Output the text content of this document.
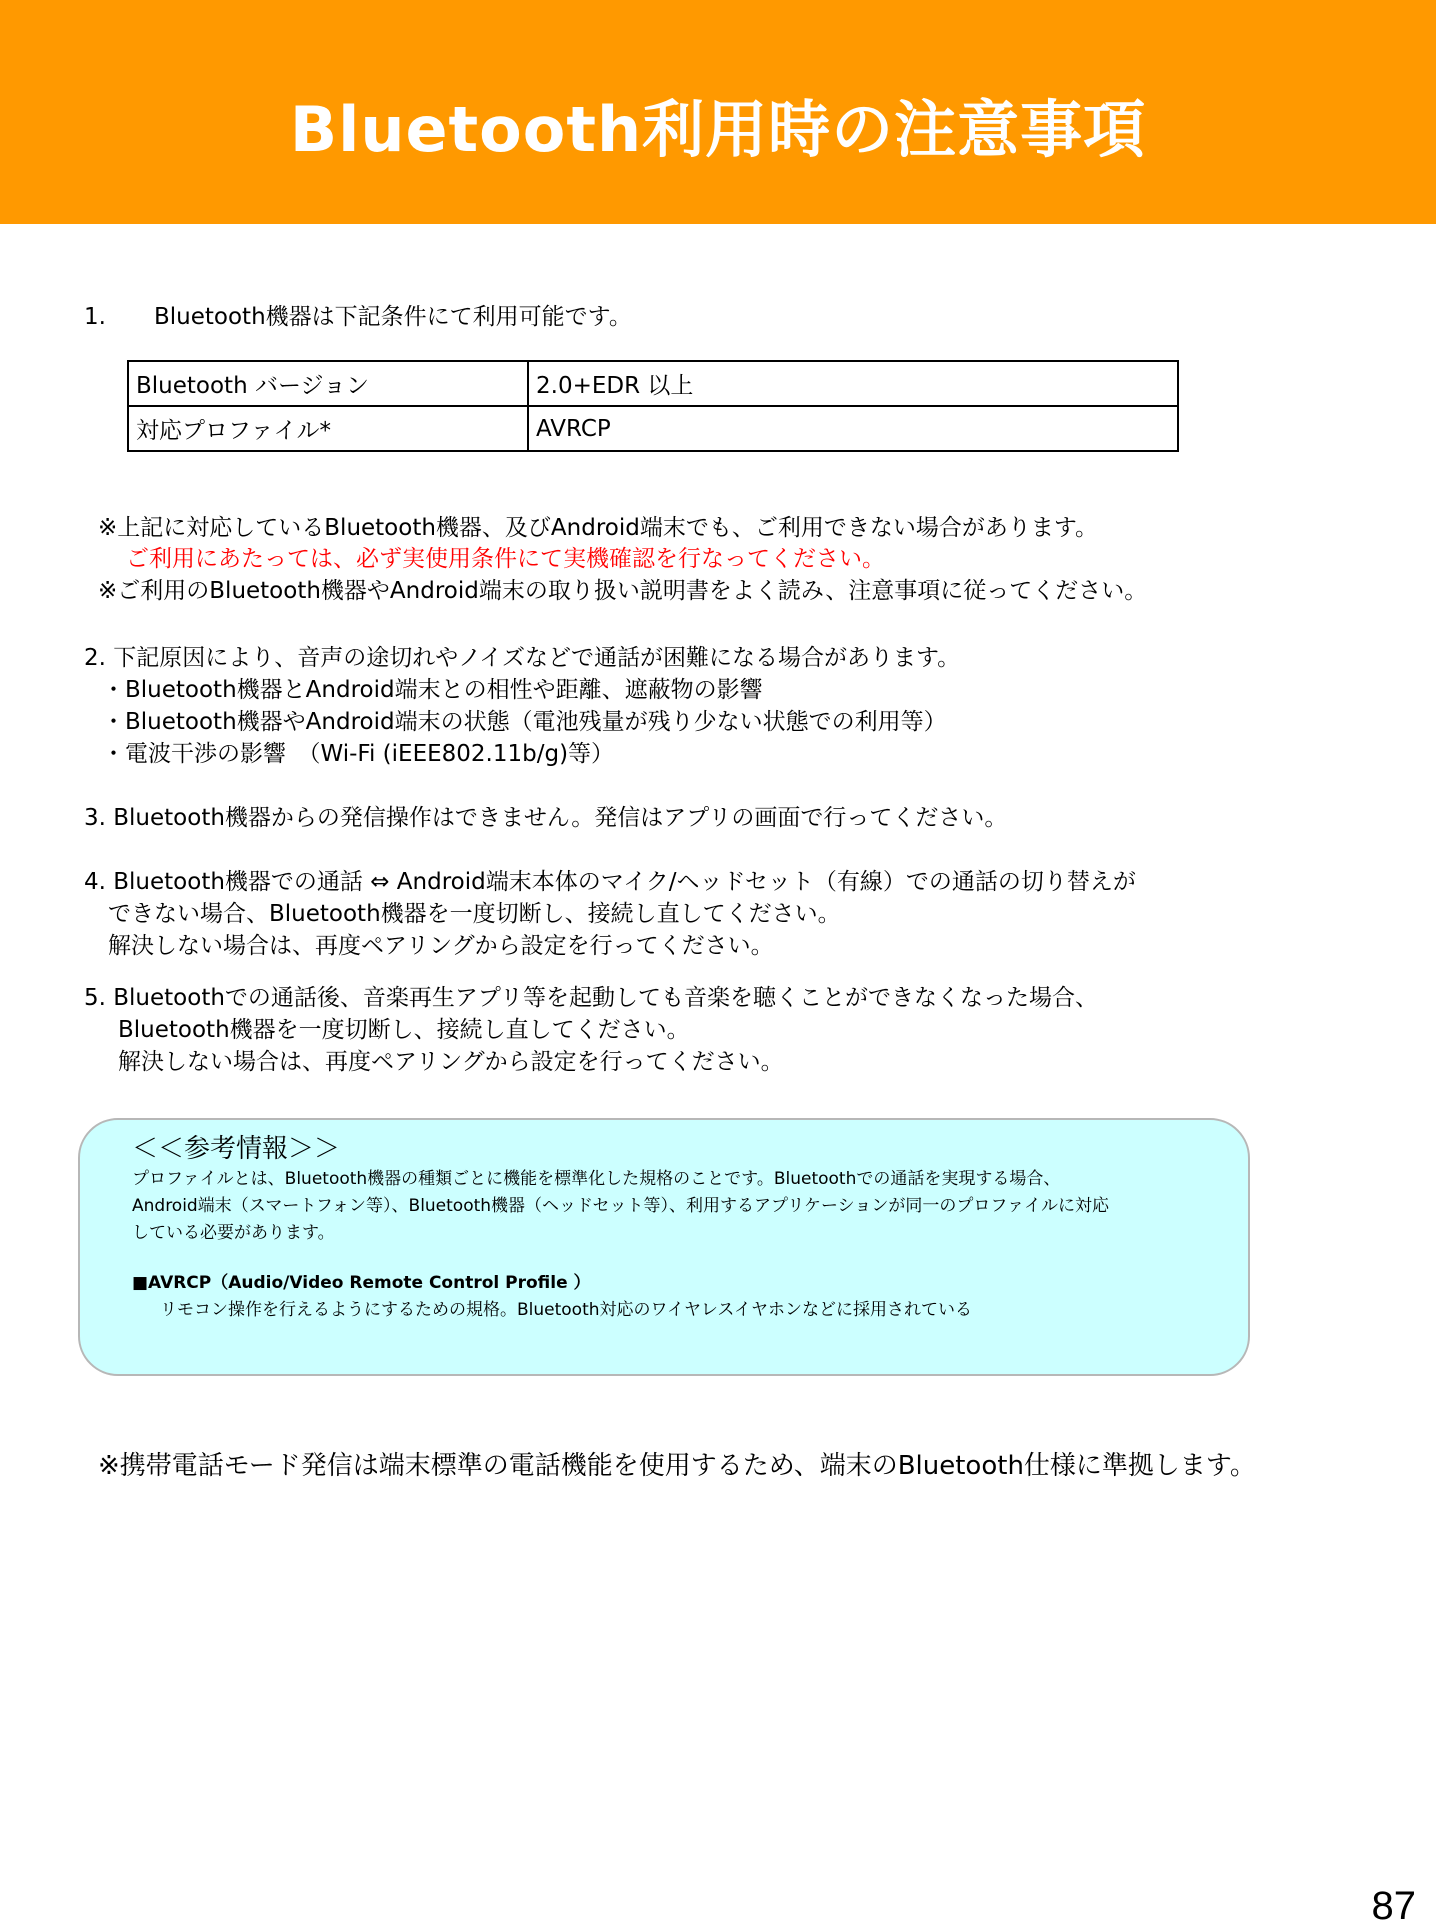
Bluetooth利用時の注意事項
1. Bluetooth機器は下記条件にて利用可能です。
Bluetooth バージョン	2.0+EDR 以上
対応プロファイル*	AVRCP
※上記に対応しているBluetooth機器、及びAndroid端末でも、ご利用できない場合があります。
ご利用にあたっては、必ず実使用条件にて実機確認を行なってください。
※ご利用のBluetooth機器やAndroid端末の取り扱い説明書をよく読み、注意事項に従ってください。
2. 下記原因により、音声の途切れやノイズなどで通話が困難になる場合があります。
・Bluetooth機器とAndroid端末との相性や距離、遮蔽物の影響
・Bluetooth機器やAndroid端末の状態（電池残量が残り少ない状態での利用等）
・電波干渉の影響　（Wi-Fi (iEEE802.11b/g)等）
3. Bluetooth機器からの発信操作はできません。発信はアプリの画面で行ってください。
4. Bluetooth機器での通話 ⇔ Android端末本体のマイク/ヘッドセット（有線）での通話の切り替えが
できない場合、Bluetooth機器を一度切断し、接続し直してください。
解決しない場合は、再度ペアリングから設定を行ってください。
5. Bluetoothでの通話後、音楽再生アプリ等を起動しても音楽を聴くことができなくなった場合、
Bluetooth機器を一度切断し、接続し直してください。
解決しない場合は、再度ペアリングから設定を行ってください。
＜＜参考情報＞＞
プロファイルとは、Bluetooth機器の種類ごとに機能を標準化した規格のことです。Bluetoothでの通話を実現する場合、
Android端末（スマートフォン等）、Bluetooth機器（ヘッドセット等）、利用するアプリケーションが同一のプロファイルに対応
している必要があります。
■AVRCP（Audio/Video Remote Control Profile ）
リモコン操作を行えるようにするための規格。Bluetooth対応のワイヤレスイヤホンなどに採用されている
※携帯電話モード発信は端末標準の電話機能を使用するため、端末のBluetooth仕様に準拠します。
87
